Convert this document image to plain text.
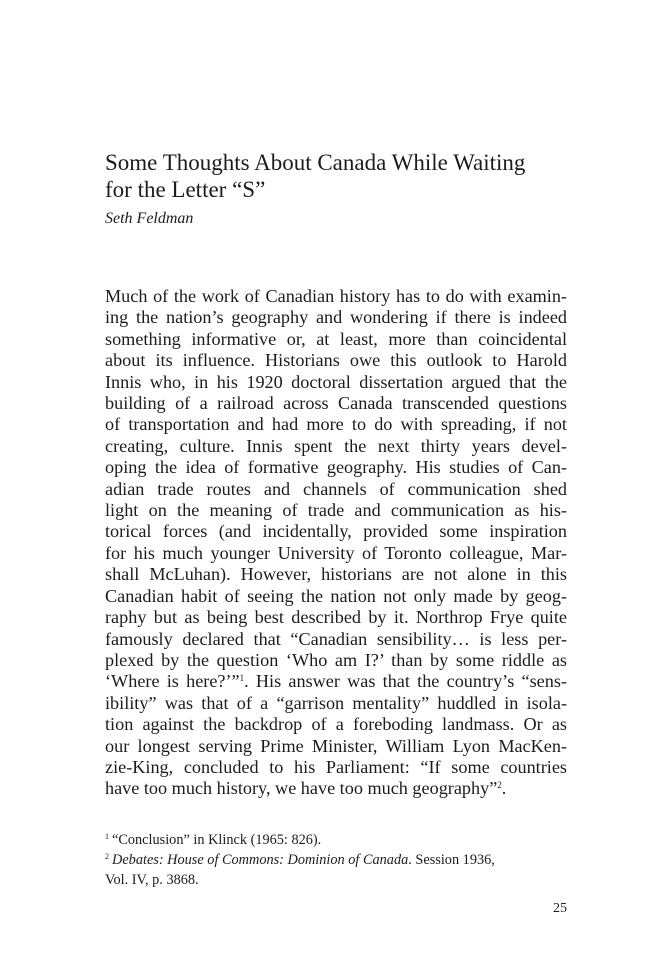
Some Thoughts About Canada While Waiting
for the Letter “S”

Seth Feldman

Much of the work of Canadian history has to do with examin-
ing the nation’s geography and wondering if there is indeed
something informative or, at least, more than coincidental
about its influence. Historians owe this outlook to Harold
Innis who, in his 1920 doctoral dissertation argued that the
building of a railroad across Canada transcended questions
of transportation and had more to do with spreading, if not
creating, culture. Innis spent the next thirty years devel-
oping the idea of formative geography. His studies of Can-
adian trade routes and channels of communication shed
light on the meaning of trade and communication as his-
torical forces (and incidentally, provided some inspiration
for his much younger University of Toronto colleague, Mar-
shall McLuhan). However, historians are not alone in this
Canadian habit of seeing the nation not only made by geog-
raphy but as being best described by it. Northrop Frye quite
famously declared that “Canadian sensibility… is less per-
plexed by the question ‘Who am I?’ than by some riddle as
‘Where is here?’”$^1$. His answer was that the country’s “sens-
ibility” was that of a “garrison mentality” huddled in isola-
tion against the backdrop of a foreboding landmass. Or as
our longest serving Prime Minister, William Lyon MacKen-
zie-King, concluded to his Parliament: “If some countries
have too much history, we have too much geography”$^2$.
$^1$ “Conclusion” in Klinck (1965: 826).
$^2$ Debates: House of Commons: Dominion of Canada. Session 1936,
Vol. IV, p. 3868.
25
